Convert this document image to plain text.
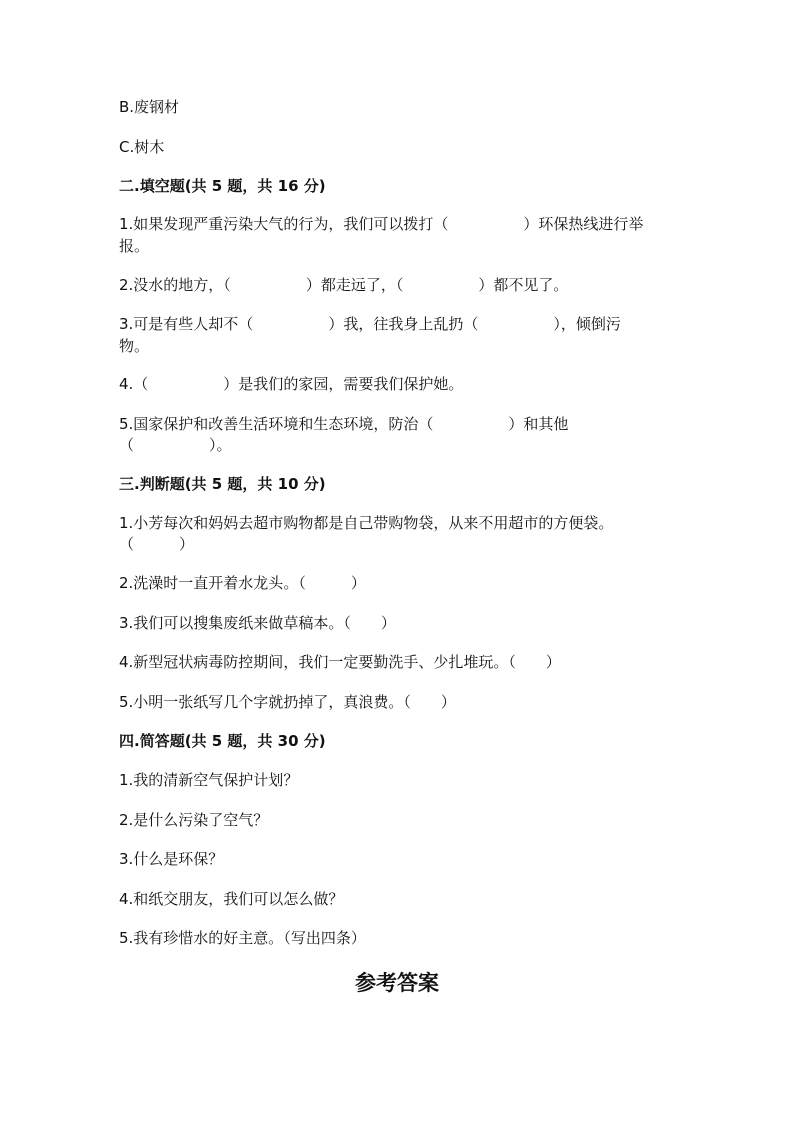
B.废钢材

C.树木

二.填空题(共 5 题，共 16 分)

1.如果发现严重污染大气的行为，我们可以拨打（　　　　　）环保热线进行举

报。

2.没水的地方，（　　　　　）都走远了，（　　　　　）都不见了。

3.可是有些人却不（　　　　　）我，往我身上乱扔（　　　　　），倾倒污

物。

4.（　　　　　）是我们的家园，需要我们保护她。

5.国家保护和改善生活环境和生态环境，防治（　　　　　）和其他

（　　　　　）。

三.判断题(共 5 题，共 10 分)

1.小芳每次和妈妈去超市购物都是自己带购物袋，从来不用超市的方便袋。

（　　　）

2.洗澡时一直开着水龙头。（　　　）

3.我们可以搜集废纸来做草稿本。（　　）

4.新型冠状病毒防控期间，我们一定要勤洗手、少扎堆玩。（　　）

5.小明一张纸写几个字就扔掉了，真浪费。（　　）

四.简答题(共 5 题，共 30 分)

1.我的清新空气保护计划？

2.是什么污染了空气？

3.什么是环保？

4.和纸交朋友，我们可以怎么做？

5.我有珍惜水的好主意。（写出四条）

参考答案
